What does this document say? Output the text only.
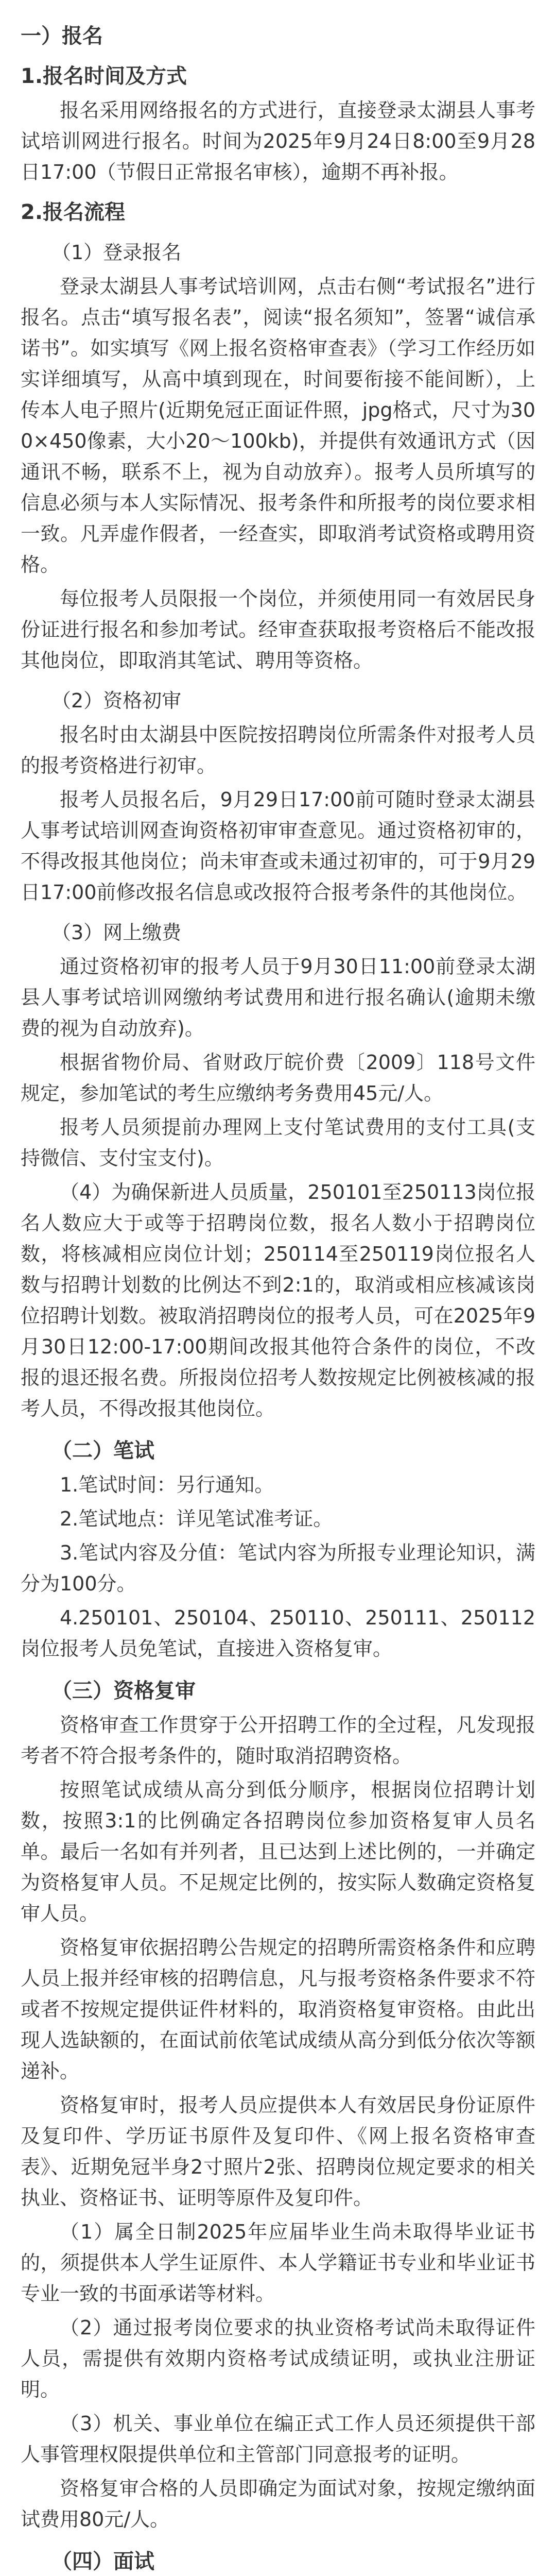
一）报名
1.报名时间及方式
报名采用网络报名的方式进行，直接登录太湖县人事考试培训网进行报名。时间为2025年9月24日8:00至9月28日17:00（节假日正常报名审核），逾期不再补报。
2.报名流程
（1）登录报名
登录太湖县人事考试培训网，点击右侧“考试报名”进行报名。点击“填写报名表”，阅读“报名须知”，签署“诚信承诺书”。如实填写《网上报名资格审查表》（学习工作经历如实详细填写，从高中填到现在，时间要衔接不能间断），上传本人电子照片(近期免冠正面证件照，jpg格式，尺寸为300×450像素，大小20～100kb)，并提供有效通讯方式（因通讯不畅，联系不上，视为自动放弃）。报考人员所填写的信息必须与本人实际情况、报考条件和所报考的岗位要求相一致。凡弄虚作假者，一经查实，即取消考试资格或聘用资格。
每位报考人员限报一个岗位，并须使用同一有效居民身份证进行报名和参加考试。经审查获取报考资格后不能改报其他岗位，即取消其笔试、聘用等资格。
（2）资格初审
报名时由太湖县中医院按招聘岗位所需条件对报考人员的报考资格进行初审。
报考人员报名后，9月29日17:00前可随时登录太湖县人事考试培训网查询资格初审审查意见。通过资格初审的，不得改报其他岗位；尚未审查或未通过初审的，可于9月29日17:00前修改报名信息或改报符合报考条件的其他岗位。
（3）网上缴费
通过资格初审的报考人员于9月30日11:00前登录太湖县人事考试培训网缴纳考试费用和进行报名确认(逾期未缴费的视为自动放弃)。
根据省物价局、省财政厅皖价费〔2009〕118号文件规定，参加笔试的考生应缴纳考务费用45元/人。
报考人员须提前办理网上支付笔试费用的支付工具(支持微信、支付宝支付)。
（4）为确保新进人员质量，250101至250113岗位报名人数应大于或等于招聘岗位数，报名人数小于招聘岗位数，将核减相应岗位计划；250114至250119岗位报名人数与招聘计划数的比例达不到2:1的，取消或相应核减该岗位招聘计划数。被取消招聘岗位的报考人员，可在2025年9月30日12:00-17:00期间改报其他符合条件的岗位，不改报的退还报名费。所报岗位招考人数按规定比例被核减的报考人员，不得改报其他岗位。
（二）笔试
1.笔试时间：另行通知。
2.笔试地点：详见笔试准考证。
3.笔试内容及分值：笔试内容为所报专业理论知识，满分为100分。
4.250101、250104、250110、250111、250112岗位报考人员免笔试，直接进入资格复审。
（三）资格复审
资格审查工作贯穿于公开招聘工作的全过程，凡发现报考者不符合报考条件的，随时取消招聘资格。
按照笔试成绩从高分到低分顺序，根据岗位招聘计划数，按照3:1的比例确定各招聘岗位参加资格复审人员名单。最后一名如有并列者，且已达到上述比例的，一并确定为资格复审人员。不足规定比例的，按实际人数确定资格复审人员。
资格复审依据招聘公告规定的招聘所需资格条件和应聘人员上报并经审核的招聘信息，凡与报考资格条件要求不符或者不按规定提供证件材料的，取消资格复审资格。由此出现人选缺额的，在面试前依笔试成绩从高分到低分依次等额递补。
资格复审时，报考人员应提供本人有效居民身份证原件及复印件、学历证书原件及复印件、《网上报名资格审查表》、近期免冠半身2寸照片2张、招聘岗位规定要求的相关执业、资格证书、证明等原件及复印件。
（1）属全日制2025年应届毕业生尚未取得毕业证书的，须提供本人学生证原件、本人学籍证书专业和毕业证书专业一致的书面承诺等材料。
（2）通过报考岗位要求的执业资格考试尚未取得证件人员，需提供有效期内资格考试成绩证明，或执业注册证明。
（3）机关、事业单位在编正式工作人员还须提供干部人事管理权限提供单位和主管部门同意报考的证明。
资格复审合格的人员即确定为面试对象，按规定缴纳面试费用80元/人。
（四）面试
